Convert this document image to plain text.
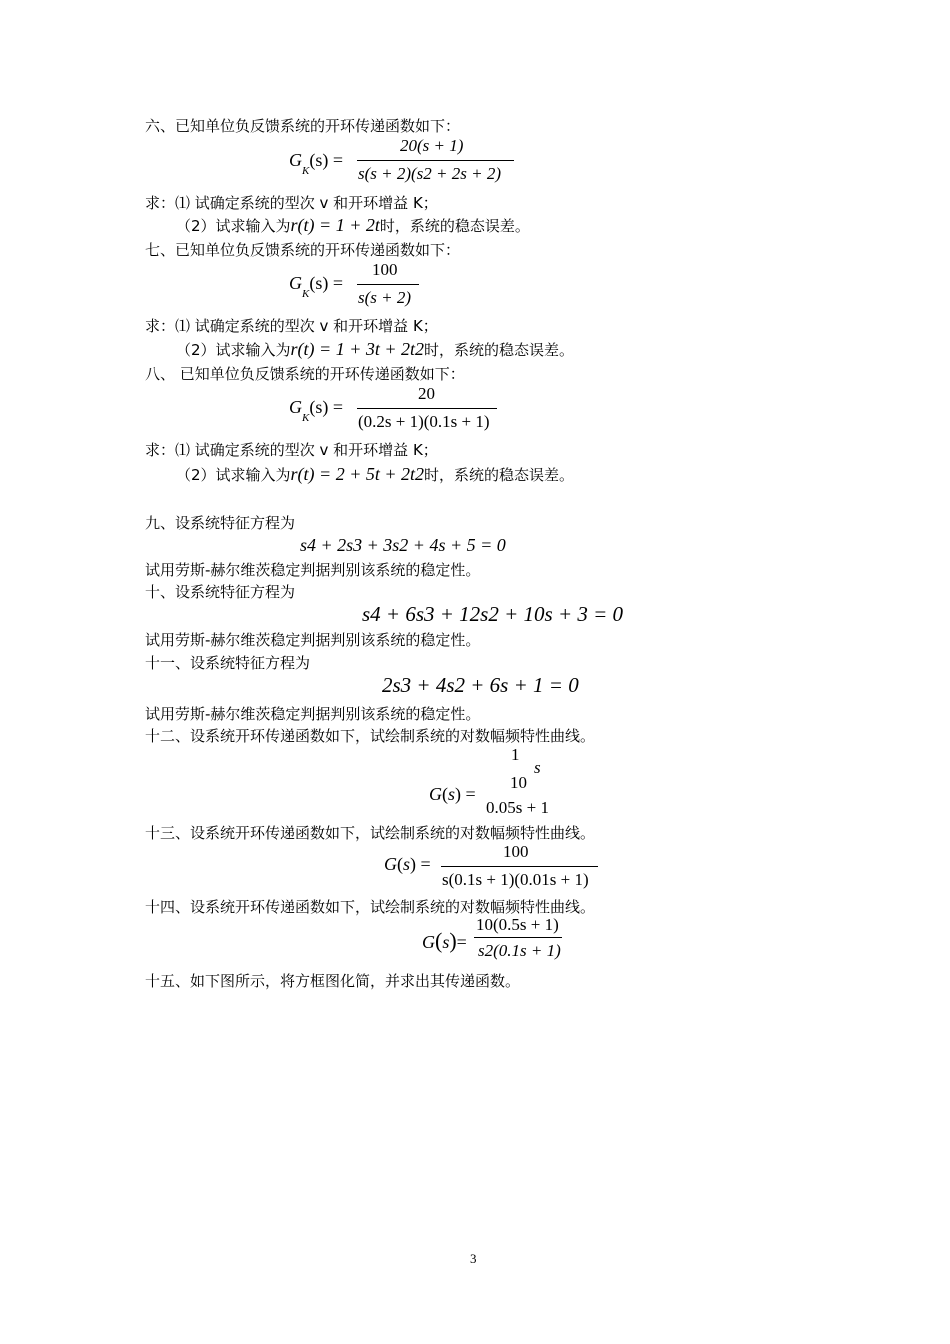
六、已知单位负反馈系统的开环传递函数如下：
$G_K(s)$ =
20(s + 1)
s(s + 2)(s2 + 2s + 2)
求：⑴ 试确定系统的型次 v 和开环增益 K；
（2）试求输入为r(t) = 1 + 2t时，系统的稳态误差。
七、已知单位负反馈系统的开环传递函数如下：
$G_K(s)$ =
100
s(s + 2)
求：⑴ 试确定系统的型次 v 和开环增益 K；
（2）试求输入为r(t) = 1 + 3t + 2t2时，系统的稳态误差。
八、 已知单位负反馈系统的开环传递函数如下：
$G_K(s)$ =
20
(0.2s + 1)(0.1s + 1)
求：⑴ 试确定系统的型次 v 和开环增益 K；
（2）试求输入为r(t) = 2 + 5t + 2t2时，系统的稳态误差。
九、设系统特征方程为
s4 + 2s3 + 3s2 + 4s + 5 = 0
试用劳斯-赫尔维茨稳定判据判别该系统的稳定性。
十、设系统特征方程为
s4 + 6s3 + 12s2 + 10s + 3 = 0
试用劳斯-赫尔维茨稳定判据判别该系统的稳定性。
十一、设系统特征方程为
2s3 + 4s2 + 6s + 1 = 0
试用劳斯-赫尔维茨稳定判据判别该系统的稳定性。
十二、设系统开环传递函数如下，试绘制系统的对数幅频特性曲线。
1
s
10
G(s) =
0.05s + 1
十三、设系统开环传递函数如下，试绘制系统的对数幅频特性曲线。
G(s) =
100
s(0.1s + 1)(0.01s + 1)
十四、设系统开环传递函数如下，试绘制系统的对数幅频特性曲线。
G(s)=
10(0.5s + 1)
s2(0.1s + 1)
十五、如下图所示，将方框图化简，并求出其传递函数。
3
